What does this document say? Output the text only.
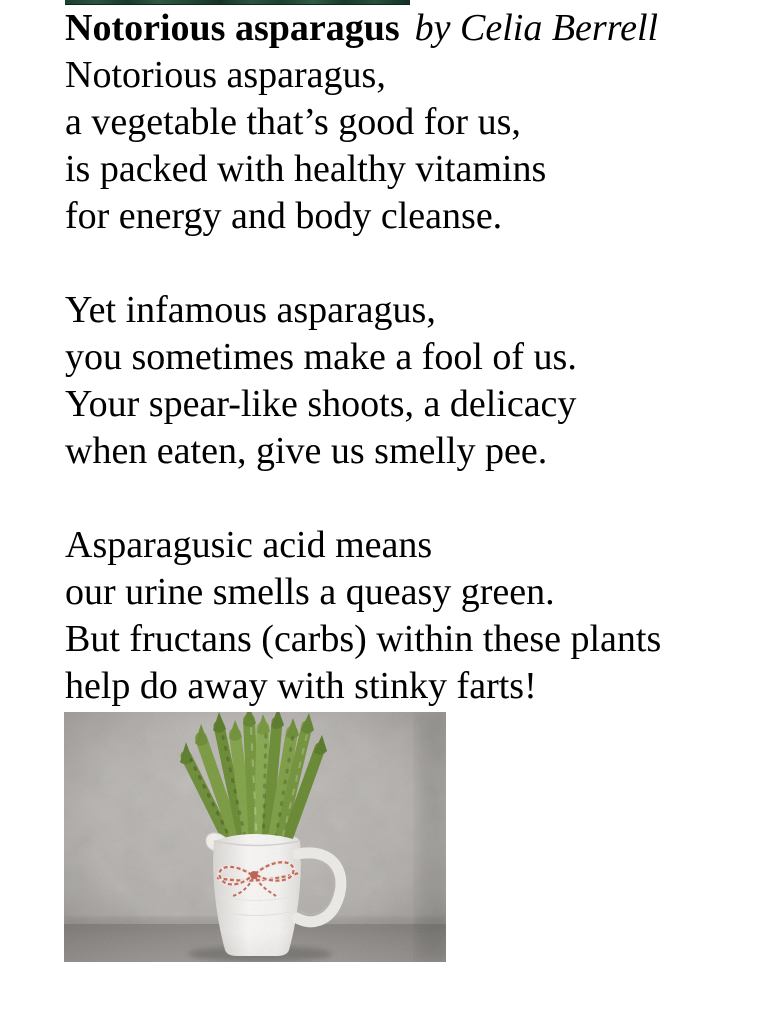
Notorious asparagus by Celia Berrell

Notorious asparagus,

a vegetable that’s good for us,

is packed with healthy vitamins

for energy and body cleanse.

Yet infamous asparagus,

you sometimes make a fool of us.

Your spear-like shoots, a delicacy

when eaten, give us smelly pee.

Asparagusic acid means

our urine smells a queasy green.

But fructans (carbs) within these plants

help do away with stinky farts!
